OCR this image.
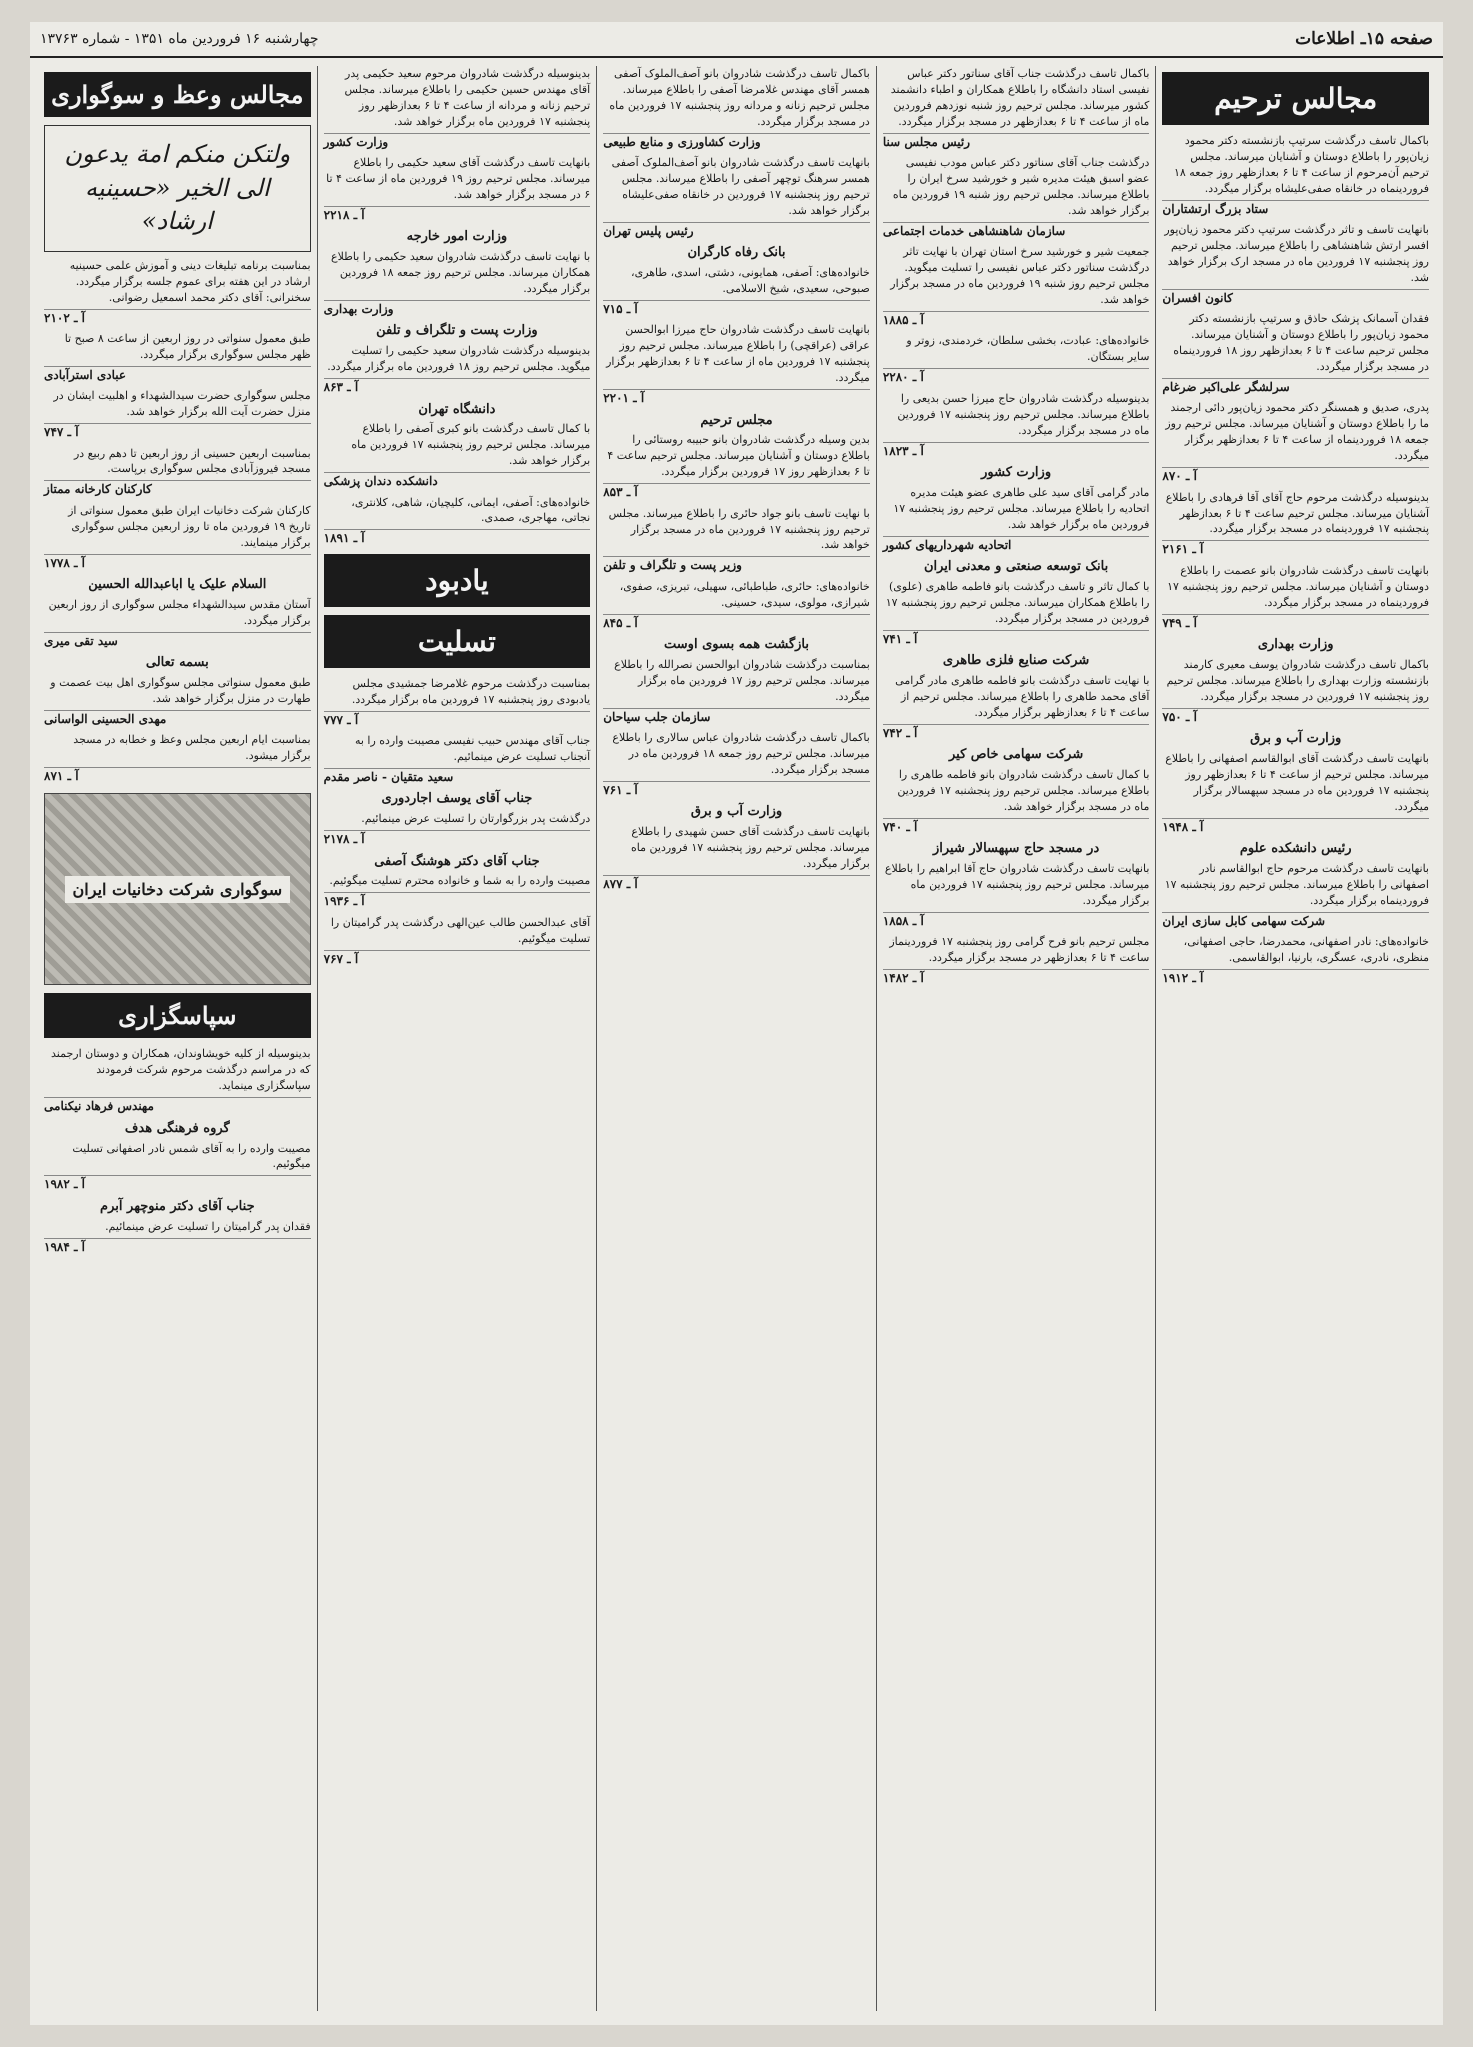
صفحه ۱۵ـ اطلاعات
چهارشنبه ۱۶ فروردین ماه ۱۳۵۱ - شماره ۱۳۷۶۳
مجالس ترحیم
باکمال تاسف درگذشت سرتیپ بازنشسته دکتر محمود زیان‌پور را باطلاع دوستان و آشنایان میرساند. مجلس ترحیم آن‌مرحوم از ساعت ۴ تا ۶ بعدازظهر روز جمعه ۱۸ فروردینماه در خانقاه صفی‌علیشاه برگزار میگردد.
ستاد بزرگ ارتشتاران
بانهایت تاسف و تاثر درگذشت سرتیپ دکتر محمود زیان‌پور افسر ارتش شاهنشاهی را باطلاع میرساند. مجلس ترحیم روز پنجشنبه ۱۷ فروردین ماه در مسجد ارک برگزار خواهد شد.
کانون افسران
فقدان آسمانک پزشک حاذق و سرتیپ بازنشسته دکتر محمود زیان‌پور را باطلاع دوستان و آشنایان میرساند. مجلس ترحیم ساعت ۴ تا ۶ بعدازظهر روز ۱۸ فروردینماه در مسجد برگزار میگردد.
سرلشگر علی‌اکبر ضرغام
پدری، صدیق و همسنگر دکتر محمود زیان‌پور دائی ارجمند ما را باطلاع دوستان و آشنایان میرساند. مجلس ترحیم روز جمعه ۱۸ فروردینماه از ساعت ۴ تا ۶ بعدازظهر برگزار میگردد.
آ ـ ۸۷۰
بدینوسیله درگذشت مرحوم حاج آقای آقا فرهادی را باطلاع آشنایان میرساند. مجلس ترحیم ساعت ۴ تا ۶ بعدازظهر پنجشنبه ۱۷ فروردینماه در مسجد برگزار میگردد.
آ ـ ۲۱۶۱
بانهایت تاسف درگذشت شادروان بانو عصمت را باطلاع دوستان و آشنایان میرساند. مجلس ترحیم روز پنجشنبه ۱۷ فروردینماه در مسجد برگزار میگردد.
آ ـ ۷۴۹
وزارت بهداری
باکمال تاسف درگذشت شادروان یوسف معیری کارمند بازنشسته وزارت بهداری را باطلاع میرساند. مجلس ترحیم روز پنجشنبه ۱۷ فروردین در مسجد برگزار میگردد.
آ ـ ۷۵۰
وزارت آب و برق
بانهایت تاسف درگذشت آقای ابوالقاسم اصفهانی را باطلاع میرساند. مجلس ترحیم از ساعت ۴ تا ۶ بعدازظهر روز پنجشنبه ۱۷ فروردین ماه در مسجد سپهسالار برگزار میگردد.
آ ـ ۱۹۴۸
رئیس دانشکده علوم
بانهایت تاسف درگذشت مرحوم حاج ابوالقاسم نادر اصفهانی را باطلاع میرساند. مجلس ترحیم روز پنجشنبه ۱۷ فروردینماه برگزار میگردد.
شرکت سهامی کابل سازی ایران
خانواده‌های: نادر اصفهانی، محمدرضا، حاجی اصفهانی، منظری، نادری، عسگری، بارنیا، ابوالقاسمی.
آ ـ ۱۹۱۲
باکمال تاسف درگذشت جناب آقای سناتور دکتر عباس نفیسی استاد دانشگاه را باطلاع همکاران و اطباء دانشمند کشور میرساند. مجلس ترحیم روز شنبه نوزدهم فروردین ماه از ساعت ۴ تا ۶ بعدازظهر در مسجد برگزار میگردد.
رئیس مجلس سنا
درگذشت جناب آقای سناتور دکتر عباس مودب نفیسی عضو اسبق هیئت مدیره شیر و خورشید سرخ ایران را باطلاع میرساند. مجلس ترحیم روز شنبه ۱۹ فروردین ماه برگزار خواهد شد.
سازمان شاهنشاهی خدمات اجتماعی
جمعیت شیر و خورشید سرخ استان تهران با نهایت تاثر درگذشت سناتور دکتر عباس نفیسی را تسلیت میگوید. مجلس ترحیم روز شنبه ۱۹ فروردین ماه در مسجد برگزار خواهد شد.
آ ـ ۱۸۸۵
خانواده‌های: عبادت، بخشی سلطان، خردمندی، زوتر و سایر بستگان.
آ ـ ۲۲۸۰
بدینوسیله درگذشت شادروان حاج میرزا حسن بدیعی را باطلاع میرساند. مجلس ترحیم روز پنجشنبه ۱۷ فروردین ماه در مسجد برگزار میگردد.
آ ـ ۱۸۲۳
وزارت کشور
مادر گرامی آقای سید علی طاهری عضو هیئت مدیره اتحادیه را باطلاع میرساند. مجلس ترحیم روز پنجشنبه ۱۷ فروردین ماه برگزار خواهد شد.
اتحادیه شهرداریهای کشور
بانک توسعه صنعتی و معدنی ایران
با کمال تاثر و تاسف درگذشت بانو فاطمه طاهری (علوی) را باطلاع همکاران میرساند. مجلس ترحیم روز پنجشنبه ۱۷ فروردین در مسجد برگزار میگردد.
آ ـ ۷۴۱
شرکت صنایع فلزی طاهری
با نهایت تاسف درگذشت بانو فاطمه طاهری مادر گرامی آقای محمد طاهری را باطلاع میرساند. مجلس ترحیم از ساعت ۴ تا ۶ بعدازظهر برگزار میگردد.
آ ـ ۷۴۲
شرکت سهامی خاص کیر
با کمال تاسف درگذشت شادروان بانو فاطمه طاهری را باطلاع میرساند. مجلس ترحیم روز پنجشنبه ۱۷ فروردین ماه در مسجد برگزار خواهد شد.
آ ـ ۷۴۰
در مسجد حاج سپهسالار شیراز
بانهایت تاسف درگذشت شادروان حاج آقا ابراهیم را باطلاع میرساند. مجلس ترحیم روز پنجشنبه ۱۷ فروردین ماه برگزار میگردد.
آ ـ ۱۸۵۸
مجلس ترحیم بانو فرح گرامی روز پنجشنبه ۱۷ فروردینماز ساعت ۴ تا ۶ بعدازظهر در مسجد برگزار میگردد.
آ ـ ۱۴۸۲
باکمال تاسف درگذشت شادروان بانو آصف‌الملوک آصفی همسر آقای مهندس غلامرضا آصفی را باطلاع میرساند. مجلس ترحیم زنانه و مردانه روز پنجشنبه ۱۷ فروردین ماه در مسجد برگزار میگردد.
وزارت کشاورزی و منابع طبیعی
بانهایت تاسف درگذشت شادروان بانو آصف‌الملوک آصفی همسر سرهنگ توچهر آصفی را باطلاع میرساند. مجلس ترحیم روز پنجشنبه ۱۷ فروردین در خانقاه صفی‌علیشاه برگزار خواهد شد.
رئیس پلیس تهران
بانک رفاه کارگران
خانواده‌های: آصفی، همایونی، دشتی، اسدی، طاهری، صبوحی، سعیدی، شیخ الاسلامی.
آ ـ ۷۱۵
بانهایت تاسف درگذشت شادروان حاج میرزا ابوالحسن عراقی (عراقچی) را باطلاع میرساند. مجلس ترحیم روز پنجشنبه ۱۷ فروردین ماه از ساعت ۴ تا ۶ بعدازظهر برگزار میگردد.
آ ـ ۲۲۰۱
مجلس ترحیم
بدین وسیله درگذشت شادروان بانو حبیبه روستائی را باطلاع دوستان و آشنایان میرساند. مجلس ترحیم ساعت ۴ تا ۶ بعدازظهر روز ۱۷ فروردین برگزار میگردد.
آ ـ ۸۵۳
با نهایت تاسف بانو جواد حائری را باطلاع میرساند. مجلس ترحیم روز پنجشنبه ۱۷ فروردین ماه در مسجد برگزار خواهد شد.
وزیر پست و تلگراف و تلفن
خانواده‌های: حائری، طباطبائی، سهیلی، تبریزی، صفوی، شیرازی، مولوی، سیدی، حسینی.
آ ـ ۸۴۵
بازگشت همه بسوی اوست
بمناسبت درگذشت شادروان ابوالحسن نصرالله را باطلاع میرساند. مجلس ترحیم روز ۱۷ فروردین ماه برگزار میگردد.
سازمان جلب سیاحان
باکمال تاسف درگذشت شادروان عباس سالاری را باطلاع میرساند. مجلس ترحیم روز جمعه ۱۸ فروردین ماه در مسجد برگزار میگردد.
آ ـ ۷۶۱
وزارت آب و برق
بانهایت تاسف درگذشت آقای حسن شهیدی را باطلاع میرساند. مجلس ترحیم روز پنجشنبه ۱۷ فروردین ماه برگزار میگردد.
آ ـ ۸۷۷
بدینوسیله درگذشت شادروان مرحوم سعید حکیمی پدر آقای مهندس حسین حکیمی را باطلاع میرساند. مجلس ترحیم زنانه و مردانه از ساعت ۴ تا ۶ بعدازظهر روز پنجشنبه ۱۷ فروردین ماه برگزار خواهد شد.
وزارت کشور
بانهایت تاسف درگذشت آقای سعید حکیمی را باطلاع میرساند. مجلس ترحیم روز ۱۹ فروردین ماه از ساعت ۴ تا ۶ در مسجد برگزار خواهد شد.
آ ـ ۲۲۱۸
وزارت امور خارجه
با نهایت تاسف درگذشت شادروان سعید حکیمی را باطلاع همکاران میرساند. مجلس ترحیم روز جمعه ۱۸ فروردین برگزار میگردد.
وزارت بهداری
وزارت پست و تلگراف و تلفن
بدینوسیله درگذشت شادروان سعید حکیمی را تسلیت میگوید. مجلس ترحیم روز ۱۸ فروردین ماه برگزار میگردد.
آ ـ ۸۶۳
دانشگاه تهران
با کمال تاسف درگذشت بانو کبری آصفی را باطلاع میرساند. مجلس ترحیم روز پنجشنبه ۱۷ فروردین ماه برگزار خواهد شد.
دانشکده دندان پزشکی
خانواده‌های: آصفی، ایمانی، کلیچیان، شاهی، کلانتری، نجاتی، مهاجری، صمدی.
آ ـ ۱۸۹۱
یادبود
تسلیت
بمناسبت درگذشت مرحوم غلامرضا جمشیدی مجلس یادبودی روز پنجشنبه ۱۷ فروردین ماه برگزار میگردد.
آ ـ ۷۷۷
جناب آقای مهندس حبیب نفیسی مصیبت وارده را به آنجناب تسلیت عرض مینمائیم.
سعید متقیان - ناصر مقدم
جناب آقای یوسف اجاردوری
درگذشت پدر بزرگوارتان را تسلیت عرض مینمائیم.
آ ـ ۲۱۷۸
جناب آقای دکتر هوشنگ آصفی
مصیبت وارده را به شما و خانواده محترم تسلیت میگوئیم.
آ ـ ۱۹۳۶
آقای عبدالحسن طالب عین‌الهی درگذشت پدر گرامیتان را تسلیت میگوئیم.
آ ـ ۷۶۷
مجالس وعظ و سوگواری
ولتکن منکم امة یدعون الی الخیر «حسینیه ارشاد»
بمناسبت برنامه تبلیغات دینی و آموزش علمی حسینیه ارشاد در این هفته برای عموم جلسه برگزار میگردد. سخنرانی: آقای دکتر محمد اسمعیل رضوانی.
آ ـ ۲۱۰۲
طبق معمول سنواتی در روز اربعین از ساعت ۸ صبح تا ظهر مجلس سوگواری برگزار میگردد.
عبادی استرآبادی
مجلس سوگواری حضرت سیدالشهداء و اهلبیت ایشان در منزل حضرت آیت الله برگزار خواهد شد.
آ ـ ۷۴۷
بمناسبت اربعین حسینی از روز اربعین تا دهم ربیع در مسجد فیروزآبادی مجلس سوگواری برپاست.
کارکنان کارخانه ممتاز
کارکنان شرکت دخانیات ایران طبق معمول سنواتی از تاریخ ۱۹ فروردین ماه تا روز اربعین مجلس سوگواری برگزار مینمایند.
آ ـ ۱۷۷۸
السلام علیک یا اباعبدالله الحسین
آستان مقدس سیدالشهداء مجلس سوگواری از روز اربعین برگزار میگردد.
سید تقی میری
بسمه تعالی
طبق معمول سنواتی مجلس سوگواری اهل بیت عصمت و طهارت در منزل برگزار خواهد شد.
مهدی الحسینی الواسانی
بمناسبت ایام اربعین مجلس وعظ و خطابه در مسجد برگزار میشود.
آ ـ ۸۷۱
سوگواری شرکت دخانیات ایران
سپاسگزاری
بدینوسیله از کلیه خویشاوندان، همکاران و دوستان ارجمند که در مراسم درگذشت مرحوم شرکت فرمودند سپاسگزاری مینماید.
مهندس فرهاد نیکنامی
گروه فرهنگی هدف
مصیبت وارده را به آقای شمس نادر اصفهانی تسلیت میگوئیم.
آ ـ ۱۹۸۲
جناب آقای دکتر منوچهر آبرم
فقدان پدر گرامیتان را تسلیت عرض مینمائیم.
آ ـ ۱۹۸۴
